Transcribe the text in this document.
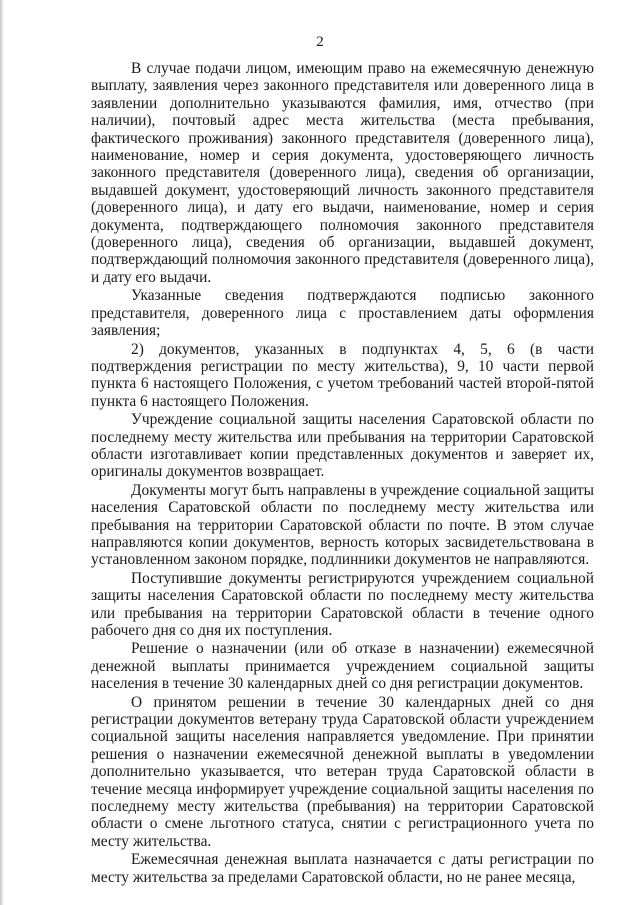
2

В случае подачи лицом, имеющим право на ежемесячную денежную выплату, заявления через законного представителя или доверенного лица в заявлении дополнительно указываются фамилия, имя, отчество (при наличии), почтовый адрес места жительства (места пребывания, фактического проживания) законного представителя (доверенного лица), наименование, номер и серия документа, удостоверяющего личность законного представителя (доверенного лица), сведения об организации, выдавшей документ, удостоверяющий личность законного представителя (доверенного лица), и дату его выдачи, наименование, номер и серия документа, подтверждающего полномочия законного представителя (доверенного лица), сведения об организации, выдавшей документ, подтверждающий полномочия законного представителя (доверенного лица), и дату его выдачи.

Указанные сведения подтверждаются подписью законного представителя, доверенного лица с проставлением даты оформления заявления;

2) документов, указанных в подпунктах 4, 5, 6 (в части подтверждения регистрации по месту жительства), 9, 10 части первой пункта 6 настоящего Положения, с учетом требований частей второй-пятой пункта 6 настоящего Положения.

Учреждение социальной защиты населения Саратовской области по последнему месту жительства или пребывания на территории Саратовской области изготавливает копии представленных документов и заверяет их, оригиналы документов возвращает.

Документы могут быть направлены в учреждение социальной защиты населения Саратовской области по последнему месту жительства или пребывания на территории Саратовской области по почте. В этом случае направляются копии документов, верность которых засвидетельствована в установленном законом порядке, подлинники документов не направляются.

Поступившие документы регистрируются учреждением социальной защиты населения Саратовской области по последнему месту жительства или пребывания на территории Саратовской области в течение одного рабочего дня со дня их поступления.

Решение о назначении (или об отказе в назначении) ежемесячной денежной выплаты принимается учреждением социальной защиты населения в течение 30 календарных дней со дня регистрации документов.

О принятом решении в течение 30 календарных дней со дня регистрации документов ветерану труда Саратовской области учреждением социальной защиты населения направляется уведомление. При принятии решения о назначении ежемесячной денежной выплаты в уведомлении дополнительно указывается, что ветеран труда Саратовской области в течение месяца информирует учреждение социальной защиты населения по последнему месту жительства (пребывания) на территории Саратовской области о смене льготного статуса, снятии с регистрационного учета по месту жительства.

Ежемесячная денежная выплата назначается с даты регистрации по месту жительства за пределами Саратовской области, но не ранее месяца,
